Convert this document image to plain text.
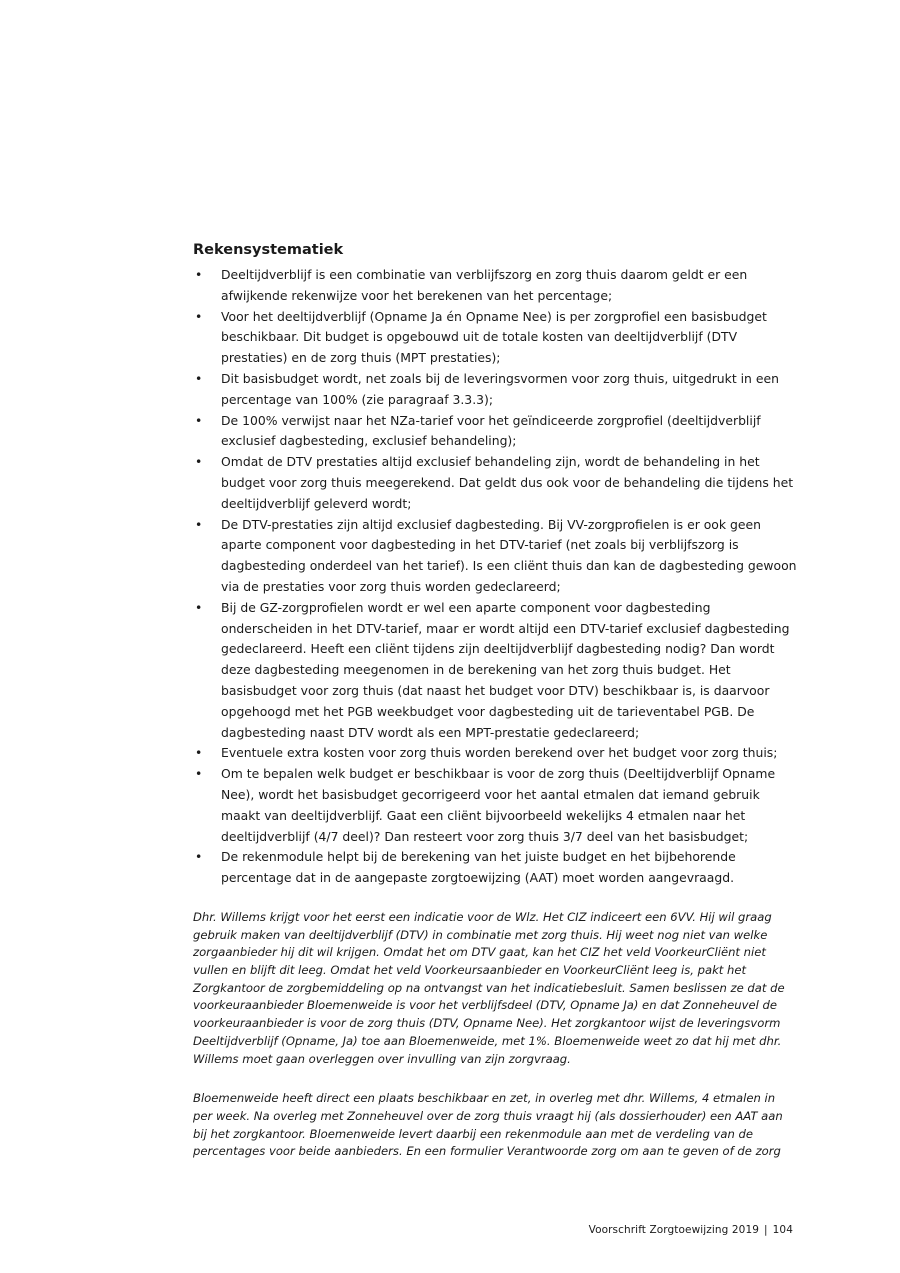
Rekensystematiek
• Deeltijdverblijf is een combinatie van verblijfszorg en zorg thuis daarom geldt er een afwijkende rekenwijze voor het berekenen van het percentage;
• Voor het deeltijdverblijf (Opname Ja én Opname Nee) is per zorgprofiel een basisbudget beschikbaar. Dit budget is opgebouwd uit de totale kosten van deeltijdverblijf (DTV prestaties) en de zorg thuis (MPT prestaties);
• Dit basisbudget wordt, net zoals bij de leveringsvormen voor zorg thuis, uitgedrukt in een percentage van 100% (zie paragraaf 3.3.3);
• De 100% verwijst naar het NZa-tarief voor het geïndiceerde zorgprofiel (deeltijdverblijf exclusief dagbesteding, exclusief behandeling);
• Omdat de DTV prestaties altijd exclusief behandeling zijn, wordt de behandeling in het budget voor zorg thuis meegerekend. Dat geldt dus ook voor de behandeling die tijdens het deeltijdverblijf geleverd wordt;
• De DTV-prestaties zijn altijd exclusief dagbesteding. Bij VV-zorgprofielen is er ook geen aparte component voor dagbesteding in het DTV-tarief (net zoals bij verblijfszorg is dagbesteding onderdeel van het tarief). Is een cliënt thuis dan kan de dagbesteding gewoon via de prestaties voor zorg thuis worden gedeclareerd;
• Bij de GZ-zorgprofielen wordt er wel een aparte component voor dagbesteding onderscheiden in het DTV-tarief, maar er wordt altijd een DTV-tarief exclusief dagbesteding gedeclareerd. Heeft een cliënt tijdens zijn deeltijdverblijf dagbesteding nodig? Dan wordt deze dagbesteding meegenomen in de berekening van het zorg thuis budget. Het basisbudget voor zorg thuis (dat naast het budget voor DTV) beschikbaar is, is daarvoor opgehoogd met het PGB weekbudget voor dagbesteding uit de tarieventabel PGB. De dagbesteding naast DTV wordt als een MPT-prestatie gedeclareerd;
• Eventuele extra kosten voor zorg thuis worden berekend over het budget voor zorg thuis;
• Om te bepalen welk budget er beschikbaar is voor de zorg thuis (Deeltijdverblijf Opname Nee), wordt het basisbudget gecorrigeerd voor het aantal etmalen dat iemand gebruik maakt van deeltijdverblijf. Gaat een cliënt bijvoorbeeld wekelijks 4 etmalen naar het deeltijdverblijf (4/7 deel)? Dan resteert voor zorg thuis 3/7 deel van het basisbudget;
• De rekenmodule helpt bij de berekening van het juiste budget en het bijbehorende percentage dat in de aangepaste zorgtoewijzing (AAT) moet worden aangevraagd.

Dhr. Willems krijgt voor het eerst een indicatie voor de Wlz. Het CIZ indiceert een 6VV. Hij wil graag gebruik maken van deeltijdverblijf (DTV) in combinatie met zorg thuis. Hij weet nog niet van welke zorgaanbieder hij dit wil krijgen. Omdat het om DTV gaat, kan het CIZ het veld VoorkeurCliënt niet vullen en blijft dit leeg. Omdat het veld Voorkeursaanbieder en VoorkeurCliënt leeg is, pakt het Zorgkantoor de zorgbemiddeling op na ontvangst van het indicatiebesluit. Samen beslissen ze dat de voorkeuraanbieder Bloemenweide is voor het verblijfsdeel (DTV, Opname Ja) en dat Zonneheuvel de voorkeuraanbieder is voor de zorg thuis (DTV, Opname Nee). Het zorgkantoor wijst de leveringsvorm Deeltijdverblijf (Opname, Ja) toe aan Bloemenweide, met 1%. Bloemenweide weet zo dat hij met dhr. Willems moet gaan overleggen over invulling van zijn zorgvraag.

Bloemenweide heeft direct een plaats beschikbaar en zet, in overleg met dhr. Willems, 4 etmalen in per week. Na overleg met Zonneheuvel over de zorg thuis vraagt hij (als dossierhouder) een AAT aan bij het zorgkantoor. Bloemenweide levert daarbij een rekenmodule aan met de verdeling van de percentages voor beide aanbieders. En een formulier Verantwoorde zorg om aan te geven of de zorg

Voorschrift Zorgtoewijzing 2019 | 104
